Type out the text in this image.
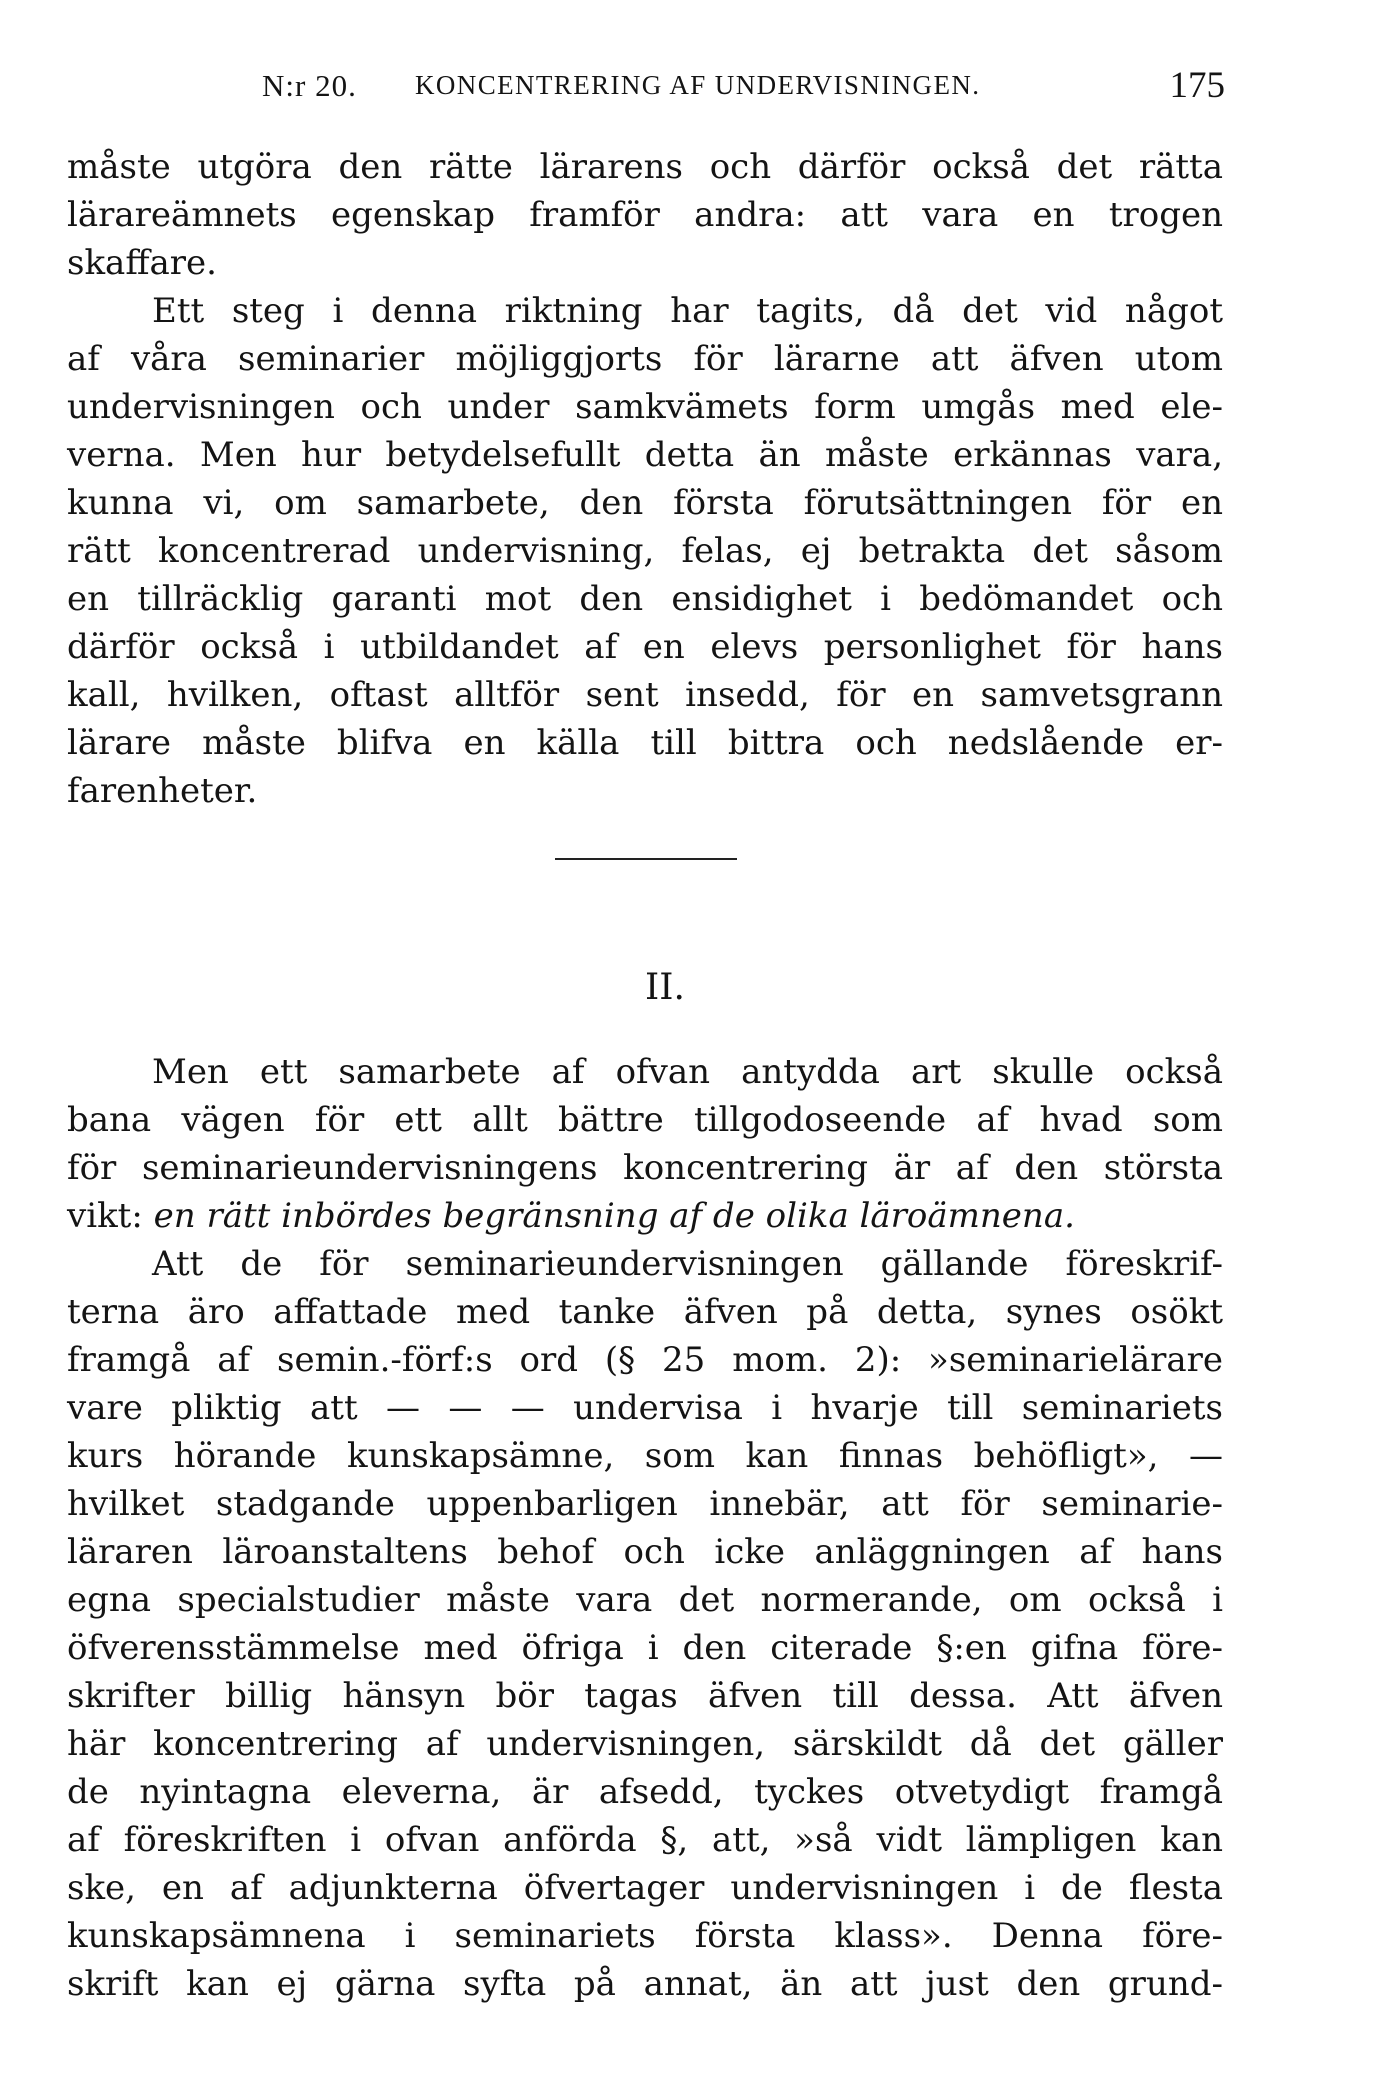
N:r 20. KONCENTRERING AF UNDERVISNINGEN.	175
måste utgöra den rätte lärarens och därför också det rätta
lärareämnets egenskap framför andra: att vara en trogen
skaffare.
Ett steg i denna riktning har tagits, då det vid något
af våra seminarier möjliggjorts för lärarne att äfven utom
undervisningen och under samkvämets form umgås med ele-
verna. Men hur betydelsefullt detta än måste erkännas vara,
kunna vi, om samarbete, den första förutsättningen för en
rätt koncentrerad undervisning, felas, ej betrakta det såsom
en tillräcklig garanti mot den ensidighet i bedömandet och
därför också i utbildandet af en elevs personlighet för hans
kall, hvilken, oftast alltför sent insedd, för en samvetsgrann
lärare måste blifva en källa till bittra och nedslående er-
farenheter.
II.
Men ett samarbete af ofvan antydda art skulle också
bana vägen för ett allt bättre tillgodoseende af hvad som
för seminarieundervisningens koncentrering är af den största
vikt: en rätt inbördes begränsning af de olika läroämnena.
Att de för seminarieundervisningen gällande föreskrif-
terna äro affattade med tanke äfven på detta, synes osökt
framgå af semin.-förf:s ord (§ 25 mom. 2): »seminarielärare
vare pliktig att — — — undervisa i hvarje till seminariets
kurs hörande kunskapsämne, som kan finnas behöfligt», —
hvilket stadgande uppenbarligen innebär, att för seminarie-
läraren läroanstaltens behof och icke anläggningen af hans
egna specialstudier måste vara det normerande, om också i
öfverensstämmelse med öfriga i den citerade §:en gifna före-
skrifter billig hänsyn bör tagas äfven till dessa. Att äfven
här koncentrering af undervisningen, särskildt då det gäller
de nyintagna eleverna, är afsedd, tyckes otvetydigt framgå
af föreskriften i ofvan anförda §, att, »så vidt lämpligen kan
ske, en af adjunkterna öfvertager undervisningen i de flesta
kunskapsämnena i seminariets första klass». Denna före-
skrift kan ej gärna syfta på annat, än att just den grund-
